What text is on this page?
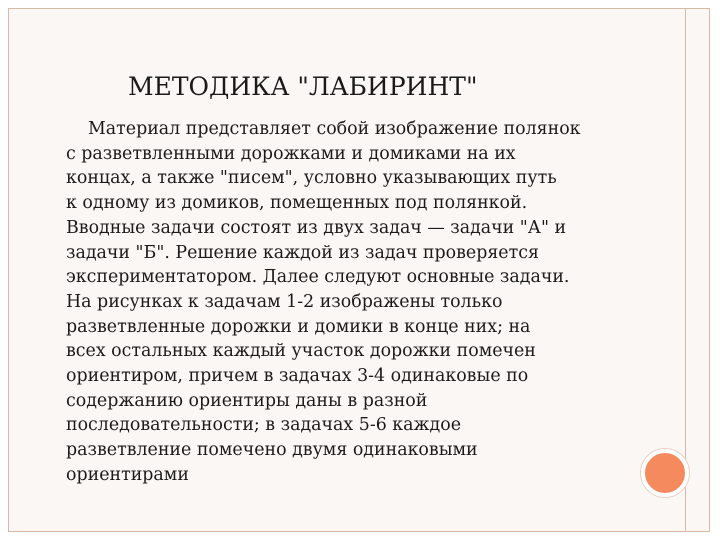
МЕТОДИКА "ЛАБИРИНТ"
Материал представляет собой изображение полянок
с разветвленными дорожками и домиками на их
концах, а также "писем", условно указывающих путь
к одному из домиков, помещенных под полянкой.
Вводные задачи состоят из двух задач — задачи "А" и
задачи "Б". Решение каждой из задач проверяется
экспериментатором. Далее следуют основные задачи.
На рисунках к задачам 1-2 изображены только
разветвленные дорожки и домики в конце них; на
всех остальных каждый участок дорожки помечен
ориентиром, причем в задачах 3-4 одинаковые по
содержанию ориентиры даны в разной
последовательности; в задачах 5-6 каждое
разветвление помечено двумя одинаковыми
ориентирами
